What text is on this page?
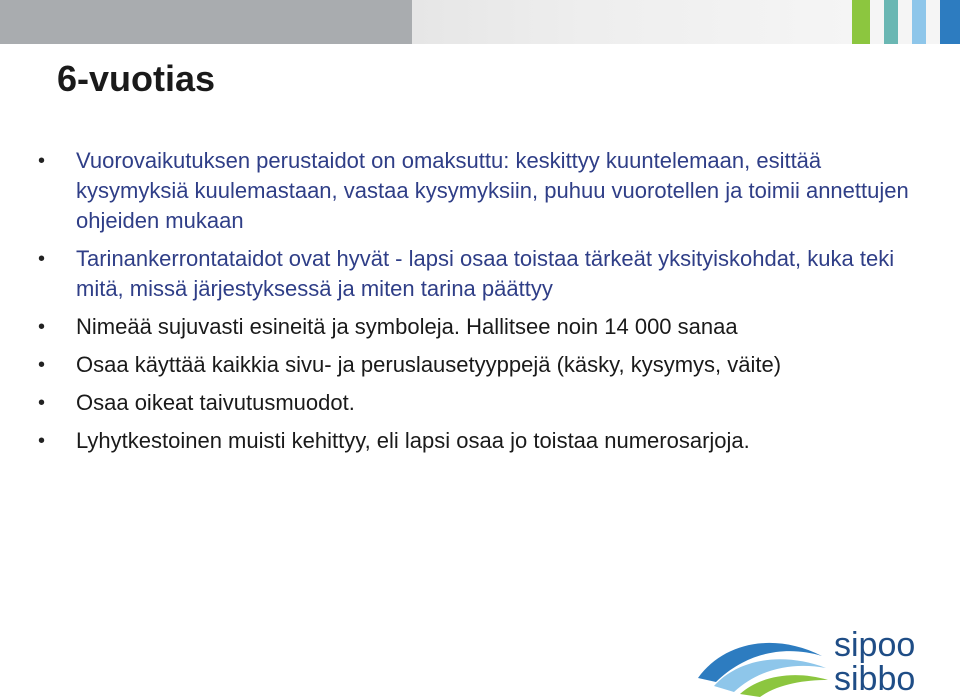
6-vuotias
• Vuorovaikutuksen perustaidot on omaksuttu: keskittyy kuuntelemaan, esittää kysymyksiä kuulemastaan, vastaa kysymyksiin, puhuu vuorotellen ja toimii annettujen ohjeiden mukaan
• Tarinankerrontataidot ovat hyvät - lapsi osaa toistaa tärkeät yksityiskohdat, kuka teki mitä, missä järjestyksessä ja miten tarina päättyy
• Nimeää sujuvasti esineitä ja symboleja. Hallitsee noin 14 000 sanaa
• Osaa käyttää kaikkia sivu- ja peruslausetyyppejä (käsky, kysymys, väite)
• Osaa oikeat taivutusmuodot.
• Lyhytkestoinen muisti kehittyy, eli lapsi osaa jo toistaa numerosarjoja.
sipoo
sibbo
